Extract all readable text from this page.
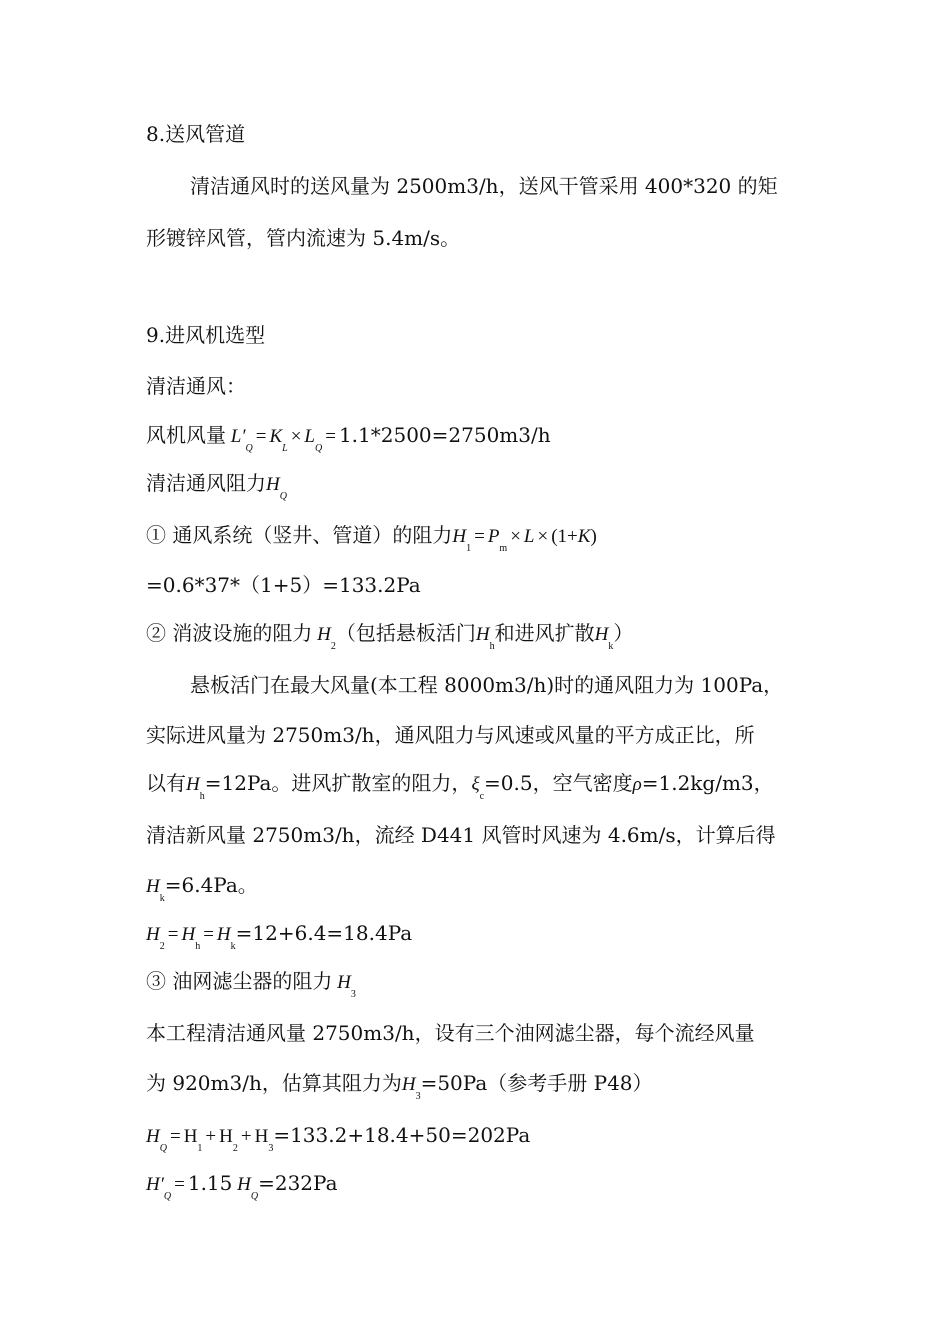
8.送风管道
清洁通风时的送风量为 2500m3/h，送风干管采用 400*320 的矩
形镀锌风管，管内流速为 5.4m/s。
9.进风机选型
清洁通风：
风机风量 $L'_Q= K_L\times L_Q= 1.1*2500=2750m3/h$
清洁通风阻力$H_Q$
① 通风系统（竖井、管道）的阻力$H_1= P_m\times L \times (1+K)$
=0.6*37*（1+5）=133.2Pa
② 消波设施的阻力 $H_2$（包括悬板活门$H_h$和进风扩散$H_k$）
悬板活门在最大风量(本工程 8000m3/h)时的通风阻力为 100Pa，
实际进风量为 2750m3/h，通风阻力与风速或风量的平方成正比，所
以有$H_h=12Pa$。进风扩散室的阻力，$\xi_c=0.5$，空气密度ρ=1.2kg/m3，
清洁新风量 2750m3/h，流经 D441 风管时风速为 4.6m/s，计算后得
$H_k=6.4Pa$。
$H_2= H_h= H_k=12+6.4=18.4Pa$
③ 油网滤尘器的阻力 $H_3$
本工程清洁通风量 2750m3/h，设有三个油网滤尘器，每个流经风量
为 920m3/h，估算其阻力为$H_3=50Pa$（参考手册 P48）
$H_Q= H_1+ H_2+ H_3=133.2+18.4+50=202Pa$
$H'_Q= 1.15$ $H_Q=232Pa$
